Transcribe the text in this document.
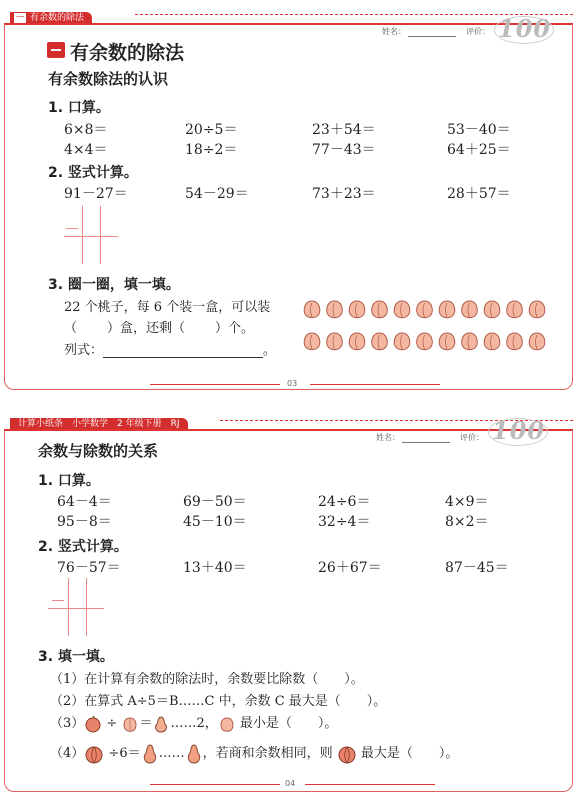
一 有余数的除法
姓名：	评价： 100
有余数的除法
有余数除法的认识
1. 口算。
6×8＝	20÷5＝	23＋54＝	53－40＝
4×4＝	18÷2＝	77－43＝	64＋25＝
2. 竖式计算。
91－27＝	54－29＝	73＋23＝	28＋57＝
3. 圈一圈，填一填。
22 个桃子，每 6 个装一盒，可以装
（ ）盒，还剩（ ）个。
列式：	。
03
计算小纸条　小学数学　2 年级下册　RJ
姓名：	评价： 100
余数与除数的关系
1. 口算。
64－4＝	69－50＝	24÷6＝	4×9＝
95－8＝	45－10＝	32÷4＝	8×2＝
2. 竖式计算。
76－57＝	13＋40＝	26＋67＝	87－45＝
3. 填一填。
（1）在计算有余数的除法时，余数要比除数（　　）。
（2）在算式 A÷5＝B……C 中，余数 C 最大是（　　）。
（3） ÷ ＝ ……2， 最小是（　　）。
（4） ÷6＝ …… ，若商和余数相同，则 最大是（　　）。
04
